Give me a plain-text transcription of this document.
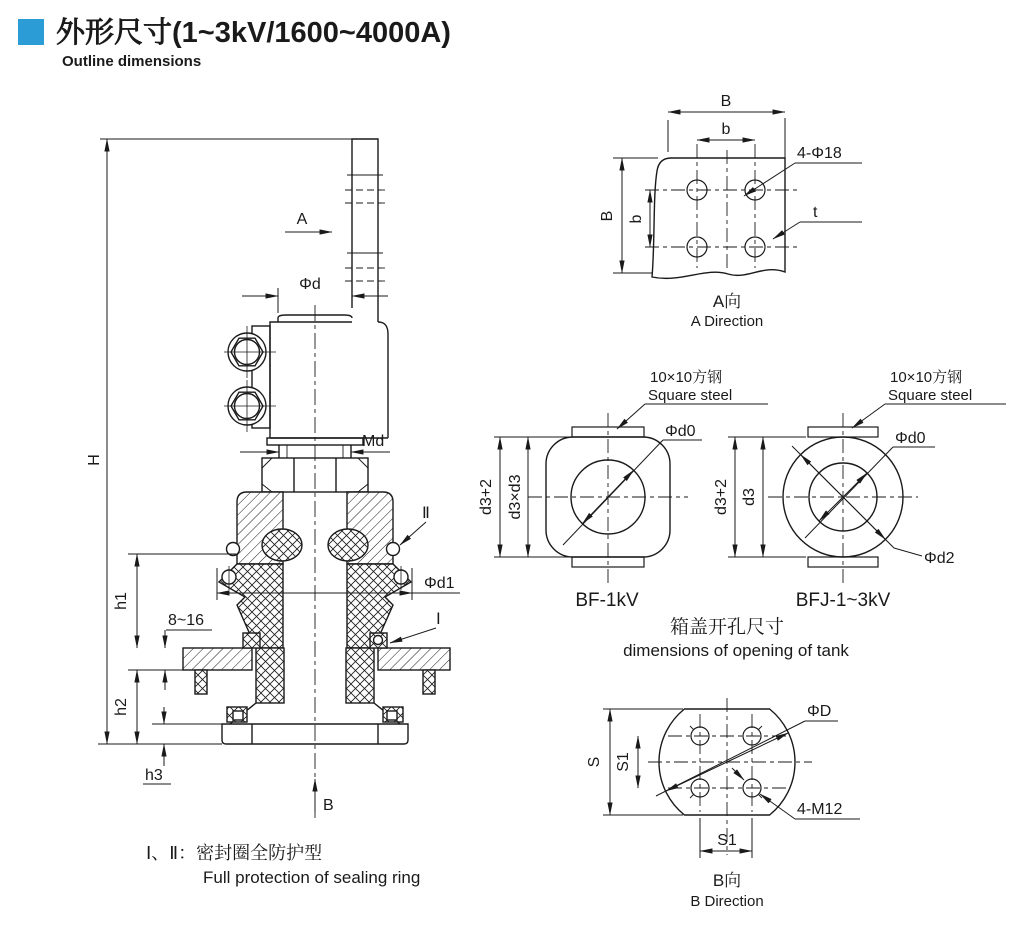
外形尺寸(1~3kV/1600~4000A)
Outline dimensions
H
A
Φd
Md
Ⅱ
Φd1
h1
8~16	Ⅰ
h2
h3
B
B
b
B b
4-Φ18
t
A向
A Direction
10×10方钢
Square steel
Φd0
d3+2 d3×d3
BF-1kV
10×10方钢
Square steel
Φd0
Φd2
d3+2 d3
BFJ-1~3kV
箱盖开孔尺寸
dimensions of opening of tank
S S1
S1
ΦD
4-M12
B向
B Direction
Ⅰ、Ⅱ：密封圈全防护型
Full protection of sealing ring
